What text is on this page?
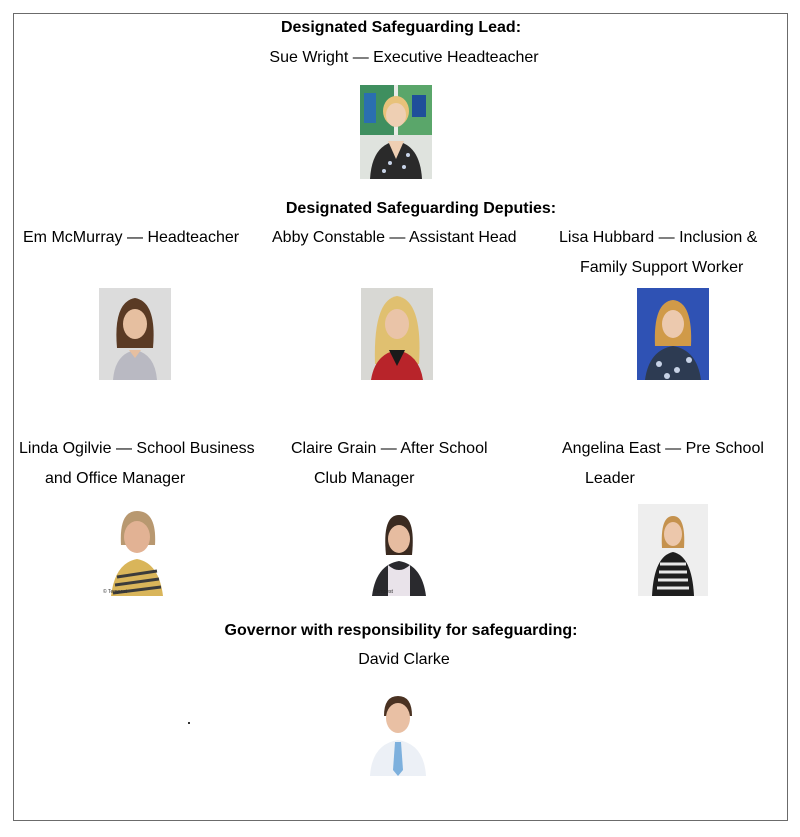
Designated Safeguarding Lead:
Sue Wright — Executive Headteacher
Designated Safeguarding Deputies:
Em McMurray — Headteacher Abby Constable — Assistant Head	Lisa Hubbard — Inclusion &
Family Support Worker
Linda Ogilvie — School Business
and Office Manager
Claire Grain — After School
Club Manager
Angelina East — Pre School
Leader
© Tempest	Tempest
Governor with responsibility for safeguarding:
David Clarke
